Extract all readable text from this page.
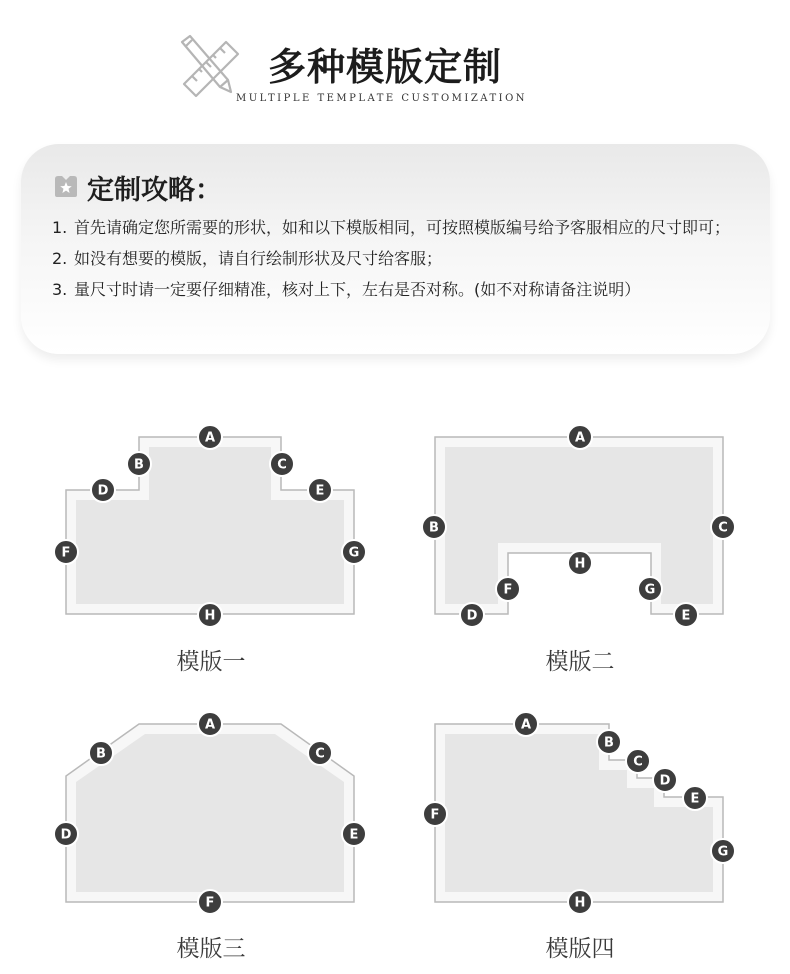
多种模版定制
MULTIPLE TEMPLATE CUSTOMIZATION
定制攻略：
1. 首先请确定您所需要的形状，如和以下模版相同，可按照模版编号给予客服相应的尺寸即可；
2. 如没有想要的模版，请自行绘制形状及尺寸给客服；
3. 量尺寸时请一定要仔细精准，核对上下，左右是否对称。(如不对称请备注说明）
A
B	C
D	E
F	G
H
A
B	C
D	E
F	G
H
A
B	C
D	E
F
A
B
C
D
E
F
G
H
模版一	模版二
模版三	模版四
